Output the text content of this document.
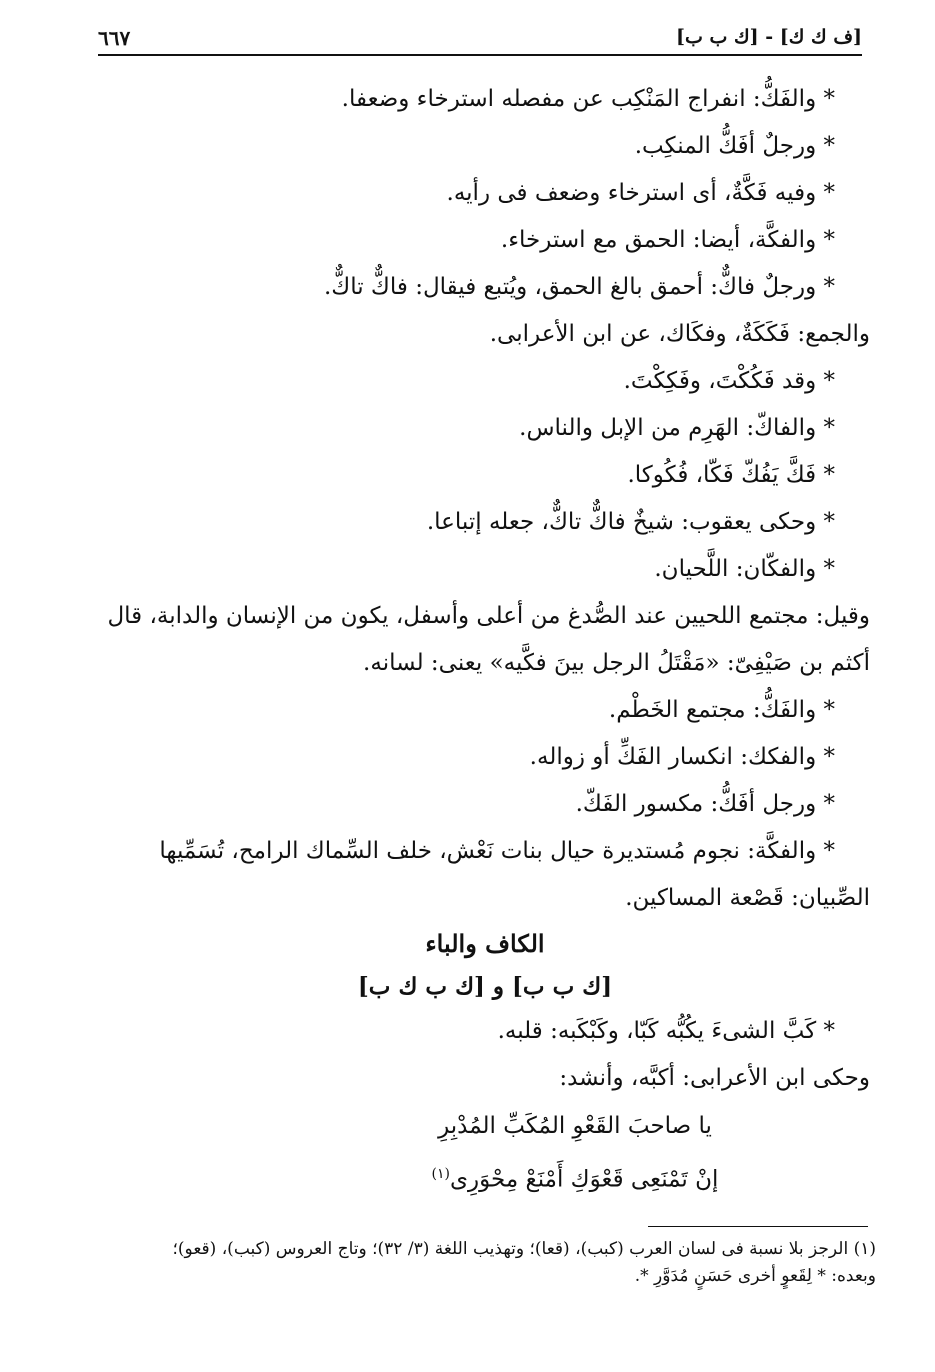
[ف ك ك] - [ك ب ب]
٦٦٧

* والفَكُّ: انفراج المَنْكِب عن مفصله استرخاء وضعفا.

* ورجلٌ أفَكُّ المنكِب.

* وفيه فَكَّةٌ، أى استرخاء وضعف فى رأيه.

* والفكَّة، أيضا: الحمق مع استرخاء.

* ورجلٌ فاكٌّ: أحمق بالغ الحمق، ويُتبع فيقال: فاكٌّ تاكٌّ.

والجمع: فَكَكَةٌ، وفكَاك، عن ابن الأعرابى.

* وقد فَكُكْتَ، وفَكِكْتَ.

* والفاكّ: الهَرِم من الإبل والناس.

* فَكَّ يَفُكّ فَكّا، فُكُوكا.

* وحكى يعقوب: شيخٌ فاكٌّ تاكٌّ، جعله إتباعا.

* والفكّان: اللَّحيان.

وقيل: مجتمع اللحيين عند الصُّدغ من أعلى وأسفل، يكون من الإنسان والدابة، قال أكثم بن صَيْفِىّ: «مَقْتَلُ الرجل بينَ فكَّيه» يعنى: لسانه.

* والفَكُّ: مجتمع الخَطْم.

* والفكك: انكسار الفَكِّ أو زواله.

* ورجل أفَكُّ: مكسور الفَكّ.

* والفكَّة: نجوم مُستديرة حيال بنات نَعْش، خلف السِّماك الرامح، تُسَمِّيها الصِّبيان: قَصْعة المساكين.

الكاف والباء

[ك ب ب] و [ك ب ك ب]

* كَبَّ الشىءَ يكُبُّه كَبّا، وكَبْكَبه: قلبه.

وحكى ابن الأعرابى: أكبَّه، وأنشد:

يا صاحبَ القَعْوِ المُكَبِّ المُدْبِرِ

إنْ تَمْنَعِى قَعْوَكِ أَمْنَعْ مِحْوَرِى$^{(١)}$

(١) الرجز بلا نسبة فى لسان العرب (كبب)، (قعا)؛ وتهذيب اللغة (٣/ ٣٢)؛ وتاج العروس (كبب)، (قعو)؛

وبعده: * لِقَعوٍ أخرى حَسَنٍ مُدَوَّرِ *.
